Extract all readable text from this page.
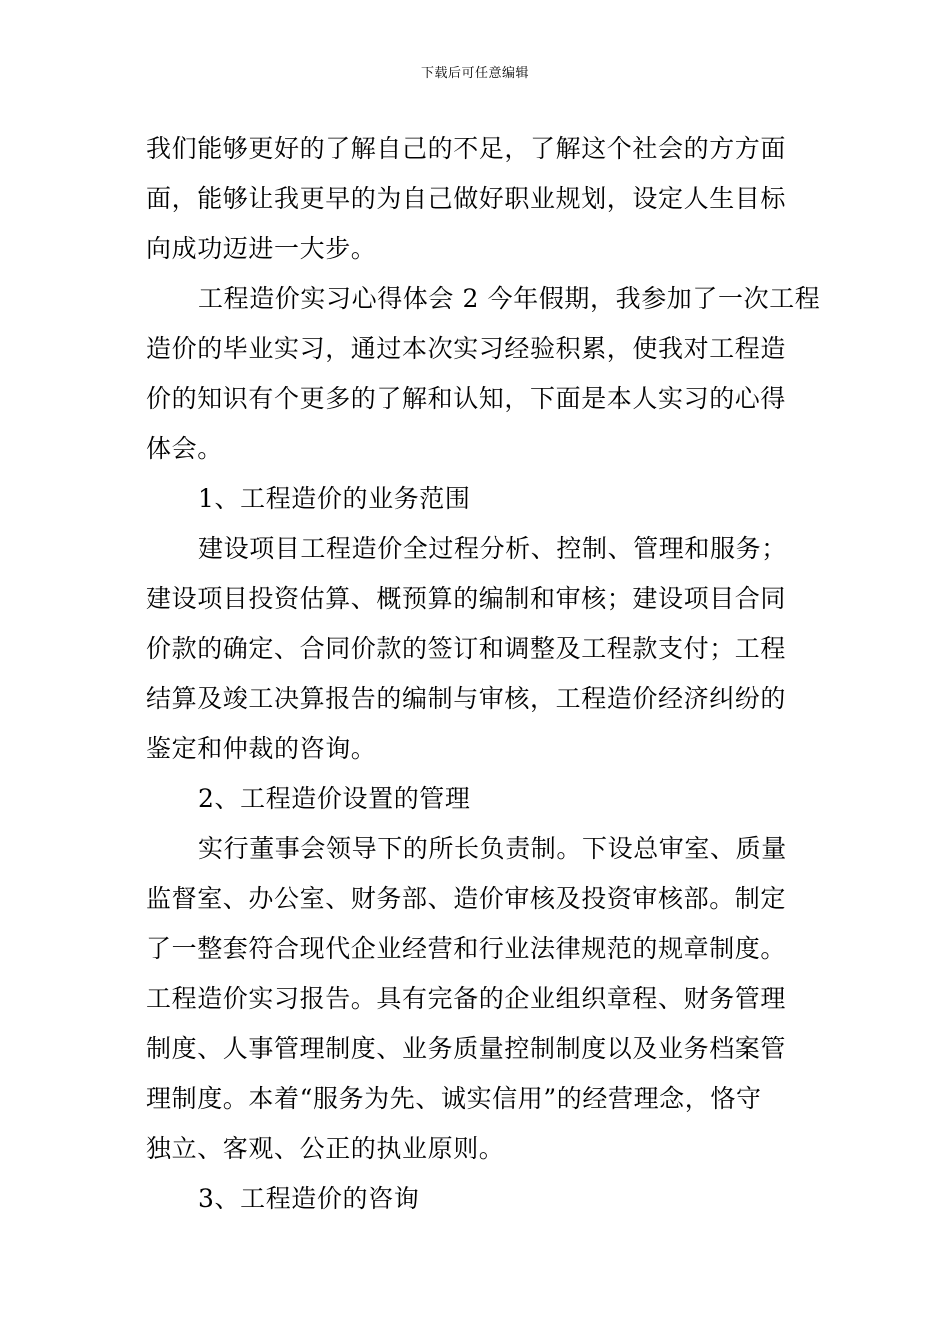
下载后可任意编辑
我们能够更好的了解自己的不足，了解这个社会的方方面
面，能够让我更早的为自己做好职业规划，设定人生目标
向成功迈进一大步。
工程造价实习心得体会 2 今年假期，我参加了一次工程
造价的毕业实习，通过本次实习经验积累，使我对工程造
价的知识有个更多的了解和认知，下面是本人实习的心得
体会。
1、工程造价的业务范围
建设项目工程造价全过程分析、控制、管理和服务；
建设项目投资估算、概预算的编制和审核；建设项目合同
价款的确定、合同价款的签订和调整及工程款支付；工程
结算及竣工决算报告的编制与审核，工程造价经济纠纷的
鉴定和仲裁的咨询。
2、工程造价设置的管理
实行董事会领导下的所长负责制。下设总审室、质量
监督室、办公室、财务部、造价审核及投资审核部。制定
了一整套符合现代企业经营和行业法律规范的规章制度。
工程造价实习报告。具有完备的企业组织章程、财务管理
制度、人事管理制度、业务质量控制制度以及业务档案管
理制度。本着“服务为先、诚实信用”的经营理念，恪守
独立、客观、公正的执业原则。
3、工程造价的咨询
